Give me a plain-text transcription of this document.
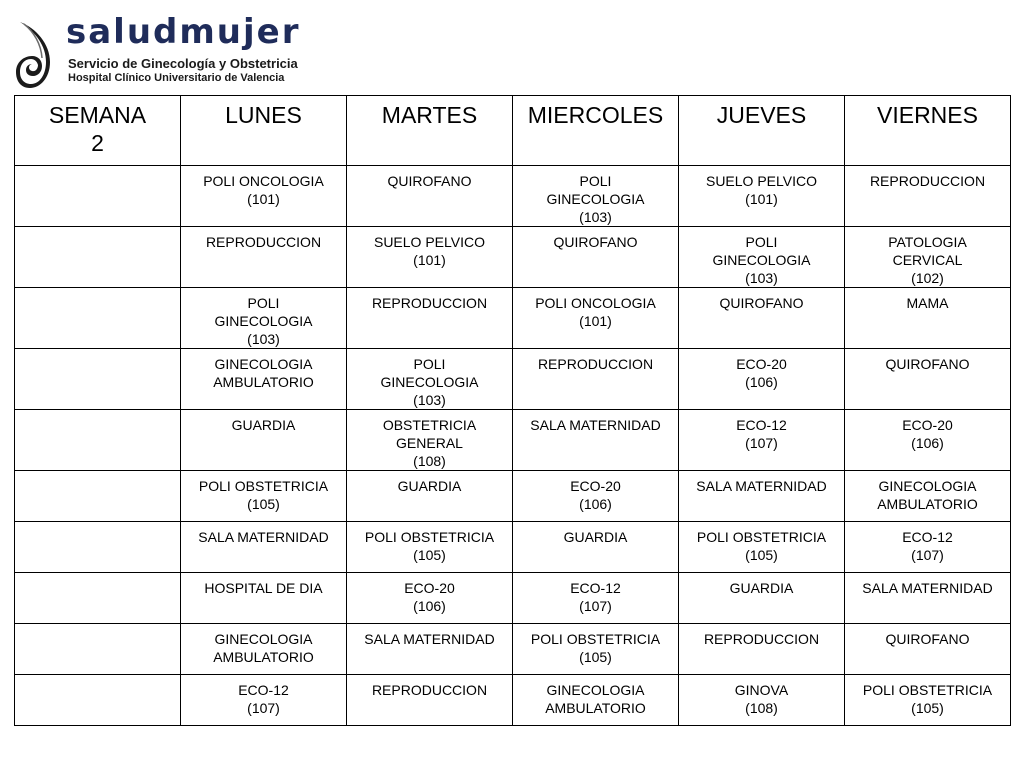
saludmujer
Servicio de Ginecología y Obstetricia
Hospital Clínico Universitario de Valencia
SEMANA
2	LUNES	MARTES	MIERCOLES	JUEVES	VIERNES

	POLI ONCOLOGIA
(101)	QUIROFANO	POLI
GINECOLOGIA
(103)	SUELO PELVICO
(101)	REPRODUCCION

	REPRODUCCION	SUELO PELVICO
(101)	QUIROFANO	POLI
GINECOLOGIA
(103)	PATOLOGIA
CERVICAL
(102)

	POLI
GINECOLOGIA
(103)	REPRODUCCION	POLI ONCOLOGIA
(101)	QUIROFANO	MAMA

	GINECOLOGIA
AMBULATORIO	POLI
GINECOLOGIA
(103)	REPRODUCCION	ECO-20
(106)	QUIROFANO

	GUARDIA	OBSTETRICIA
GENERAL
(108)	SALA MATERNIDAD	ECO-12
(107)	ECO-20
(106)

	POLI OBSTETRICIA
(105)	GUARDIA	ECO-20
(106)	SALA MATERNIDAD	GINECOLOGIA
AMBULATORIO

	SALA MATERNIDAD	POLI OBSTETRICIA
(105)	GUARDIA	POLI OBSTETRICIA
(105)	ECO-12
(107)

	HOSPITAL DE DIA	ECO-20
(106)	ECO-12
(107)	GUARDIA	SALA MATERNIDAD

	GINECOLOGIA
AMBULATORIO	SALA MATERNIDAD	POLI OBSTETRICIA
(105)	REPRODUCCION	QUIROFANO

	ECO-12
(107)	REPRODUCCION	GINECOLOGIA
AMBULATORIO	GINOVA
(108)	POLI OBSTETRICIA
(105)
